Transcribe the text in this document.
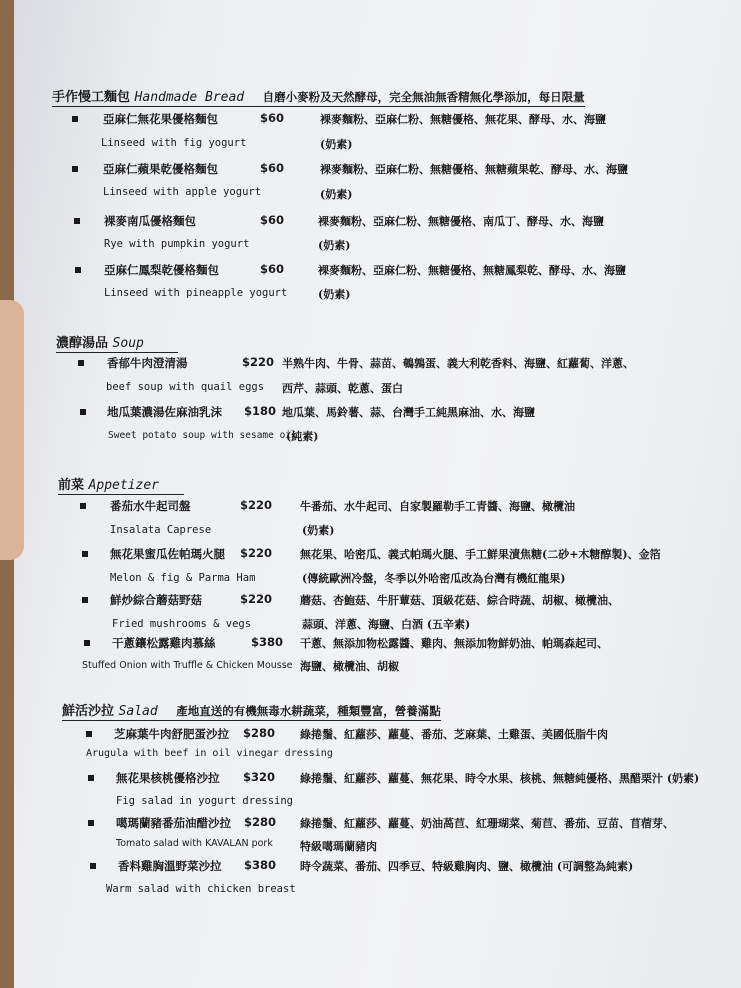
手作慢工麵包 Handmade Bread 自磨小麥粉及天然酵母，完全無油無香精無化學添加，每日限量
亞麻仁無花果優格麵包	$60	裸麥麵粉、亞麻仁粉、無糖優格、無花果、酵母、水、海鹽
Linseed with fig yogurt	(奶素)
亞麻仁蘋果乾優格麵包	$60	裸麥麵粉、亞麻仁粉、無糖優格、無糖蘋果乾、酵母、水、海鹽
Linseed with apple yogurt	(奶素)
裸麥南瓜優格麵包	$60	裸麥麵粉、亞麻仁粉、無糖優格、南瓜丁、酵母、水、海鹽
Rye with pumpkin yogurt	(奶素)
亞麻仁鳳梨乾優格麵包	$60	裸麥麵粉、亞麻仁粉、無糖優格、無糖鳳梨乾、酵母、水、海鹽
Linseed with pineapple yogurt	(奶素)
濃醇湯品 Soup
香郁牛肉澄清湯	$220 半熟牛肉、牛骨、蒜苗、鵪鶉蛋、義大利乾香料、海鹽、紅蘿蔔、洋蔥、
beef soup with quail eggs 西芹、蒜頭、乾蔥、蛋白
地瓜葉濃湯佐麻油乳沫 $180 地瓜葉、馬鈴薯、蒜、台灣手工純黑麻油、水、海鹽
Sweet potato soup with sesame oil
(純素)
前菜 Appetizer
番茄水牛起司盤	$220	牛番茄、水牛起司、自家製羅勒手工青醬、海鹽、橄欖油
Insalata Caprese	(奶素)
無花果蜜瓜佐帕瑪火腿 $220	無花果、哈密瓜、義式帕瑪火腿、手工鮮果漬焦糖(二砂+木糖醇製)、金箔
Melon & fig & Parma Ham	(傳統歐洲冷盤，冬季以外哈密瓜改為台灣有機紅龍果)
鮮炒綜合蘑菇野菇	$220	蘑菇、杏鮑菇、牛肝蕈菇、頂級花菇、綜合時蔬、胡椒、橄欖油、
Fried mushrooms & vegs	蒜頭、洋蔥、海鹽、白酒 (五辛素)
干蔥鑲松露雞肉慕絲	$380 干蔥、無添加物松露醬、雞肉、無添加物鮮奶油、帕瑪森起司、
Stuffed Onion with Truffle & Chicken Mousse 海鹽、橄欖油、胡椒
鮮活沙拉 Salad 產地直送的有機無毒水耕蔬菜，種類豐富，營養滿點
芝麻葉牛肉舒肥蛋沙拉 $280 綠捲鬚、紅蘿莎、蘿蔓、番茄、芝麻葉、土雞蛋、美國低脂牛肉
Arugula with beef in oil vinegar dressing
無花果核桃優格沙拉 $320 綠捲鬚、紅蘿莎、蘿蔓、無花果、時令水果、核桃、無糖純優格、黑醋栗汁 (奶素)
Fig salad in yogurt dressing
噶瑪蘭豬番茄油醋沙拉 $280 綠捲鬚、紅蘿莎、蘿蔓、奶油萵苣、紅珊瑚菜、菊苣、番茄、豆苗、苜蓿芽、
Tomato salad with KAVALAN pork 特級噶瑪蘭豬肉
香料雞胸溫野菜沙拉 $380 時令蔬菜、番茄、四季豆、特級雞胸肉、鹽、橄欖油 (可調整為純素)
Warm salad with chicken breast
